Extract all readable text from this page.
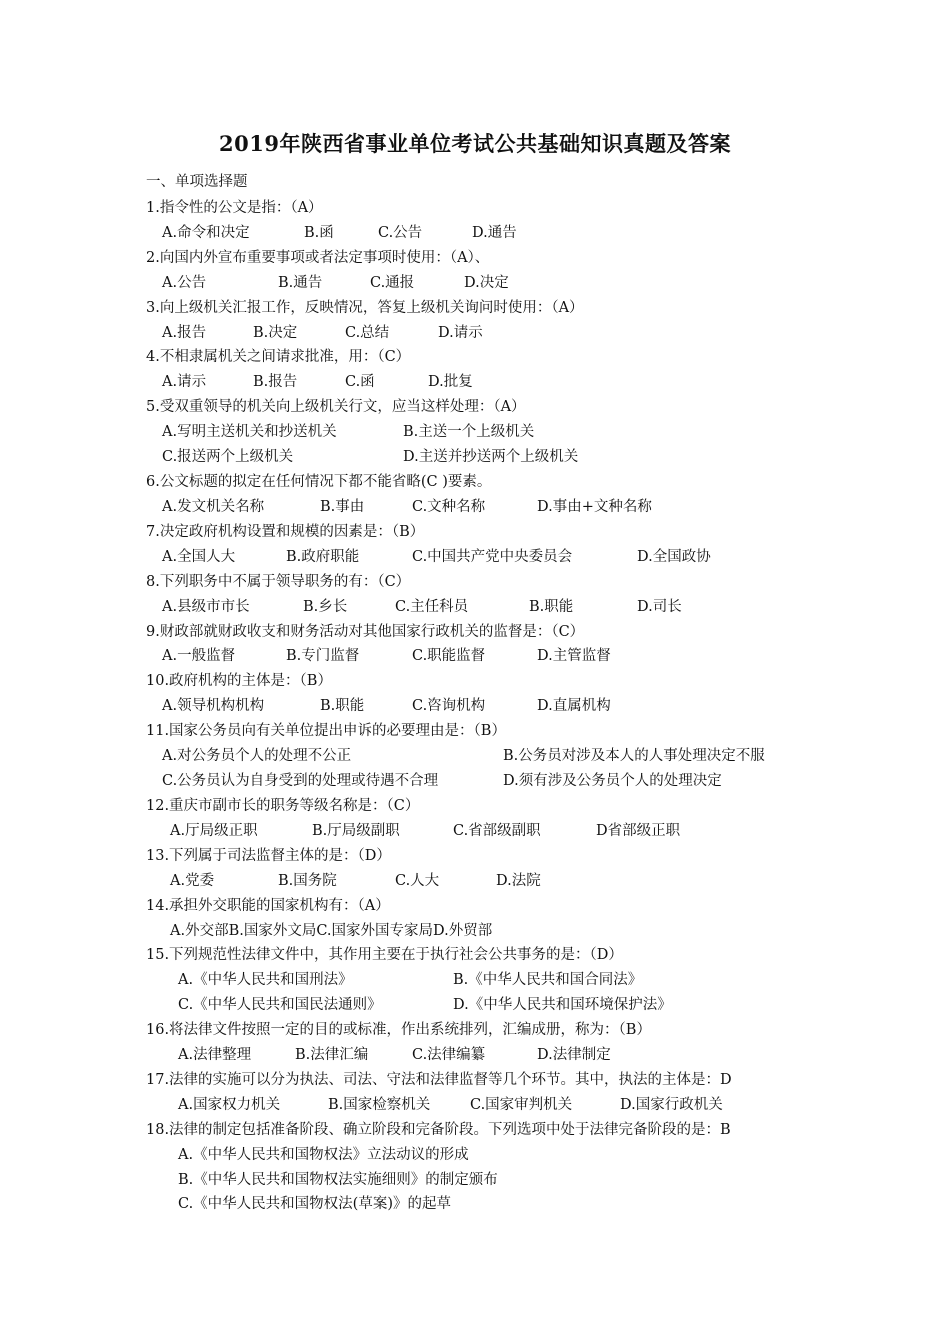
2019年陕西省事业单位考试公共基础知识真题及答案
一、单项选择题
1.指令性的公文是指：（A）
A.命令和决定	B.函	C.公告	D.通告
2.向国内外宣布重要事项或者法定事项时使用：（A）、
A.公告	B.通告	C.通报	D.决定
3.向上级机关汇报工作，反映情况，答复上级机关询问时使用：（A）
A.报告	B.决定	C.总结	D.请示
4.不相隶属机关之间请求批准，用：（C）
A.请示	B.报告	C.函	D.批复
5.受双重领导的机关向上级机关行文，应当这样处理：（A）
A.写明主送机关和抄送机关	B.主送一个上级机关
C.报送两个上级机关	D.主送并抄送两个上级机关
6.公文标题的拟定在任何情况下都不能省略(C )要素。
A.发文机关名称	B.事由	C.文种名称	D.事由+文种名称
7.决定政府机构设置和规模的因素是：（B）
A.全国人大	B.政府职能	C.中国共产党中央委员会	D.全国政协
8.下列职务中不属于领导职务的有：（C）
A.县级市市长	B.乡长	C.主任科员	B.职能	D.司长
9.财政部就财政收支和财务活动对其他国家行政机关的监督是：（C）
A.一般监督	B.专门监督	C.职能监督	D.主管监督
10.政府机构的主体是：（B）
A.领导机构机构	B.职能	C.咨询机构	D.直属机构
11.国家公务员向有关单位提出申诉的必要理由是：（B）
A.对公务员个人的处理不公正	B.公务员对涉及本人的人事处理决定不服
C.公务员认为自身受到的处理或待遇不合理	D.须有涉及公务员个人的处理决定
12.重庆市副市长的职务等级名称是：（C）
A.厅局级正职	B.厅局级副职	C.省部级副职	D省部级正职
13.下列属于司法监督主体的是：（D）
A.党委	B.国务院	C.人大	D.法院
14.承担外交职能的国家机构有：（A）
A.外交部B.国家外文局C.国家外国专家局D.外贸部
15.下列规范性法律文件中，其作用主要在于执行社会公共事务的是：（D）
A.《中华人民共和国刑法》	B.《中华人民共和国合同法》
C.《中华人民共和国民法通则》	D.《中华人民共和国环境保护法》
16.将法律文件按照一定的目的或标准，作出系统排列，汇编成册，称为：（B）
A.法律整理	B.法律汇编	C.法律编纂	D.法律制定
17.法律的实施可以分为执法、司法、守法和法律监督等几个环节。其中，执法的主体是：D
A.国家权力机关	B.国家检察机关	C.国家审判机关	D.国家行政机关
18.法律的制定包括准备阶段、确立阶段和完备阶段。下列选项中处于法律完备阶段的是：B
A.《中华人民共和国物权法》立法动议的形成
B.《中华人民共和国物权法实施细则》的制定颁布
C.《中华人民共和国物权法(草案)》的起草
